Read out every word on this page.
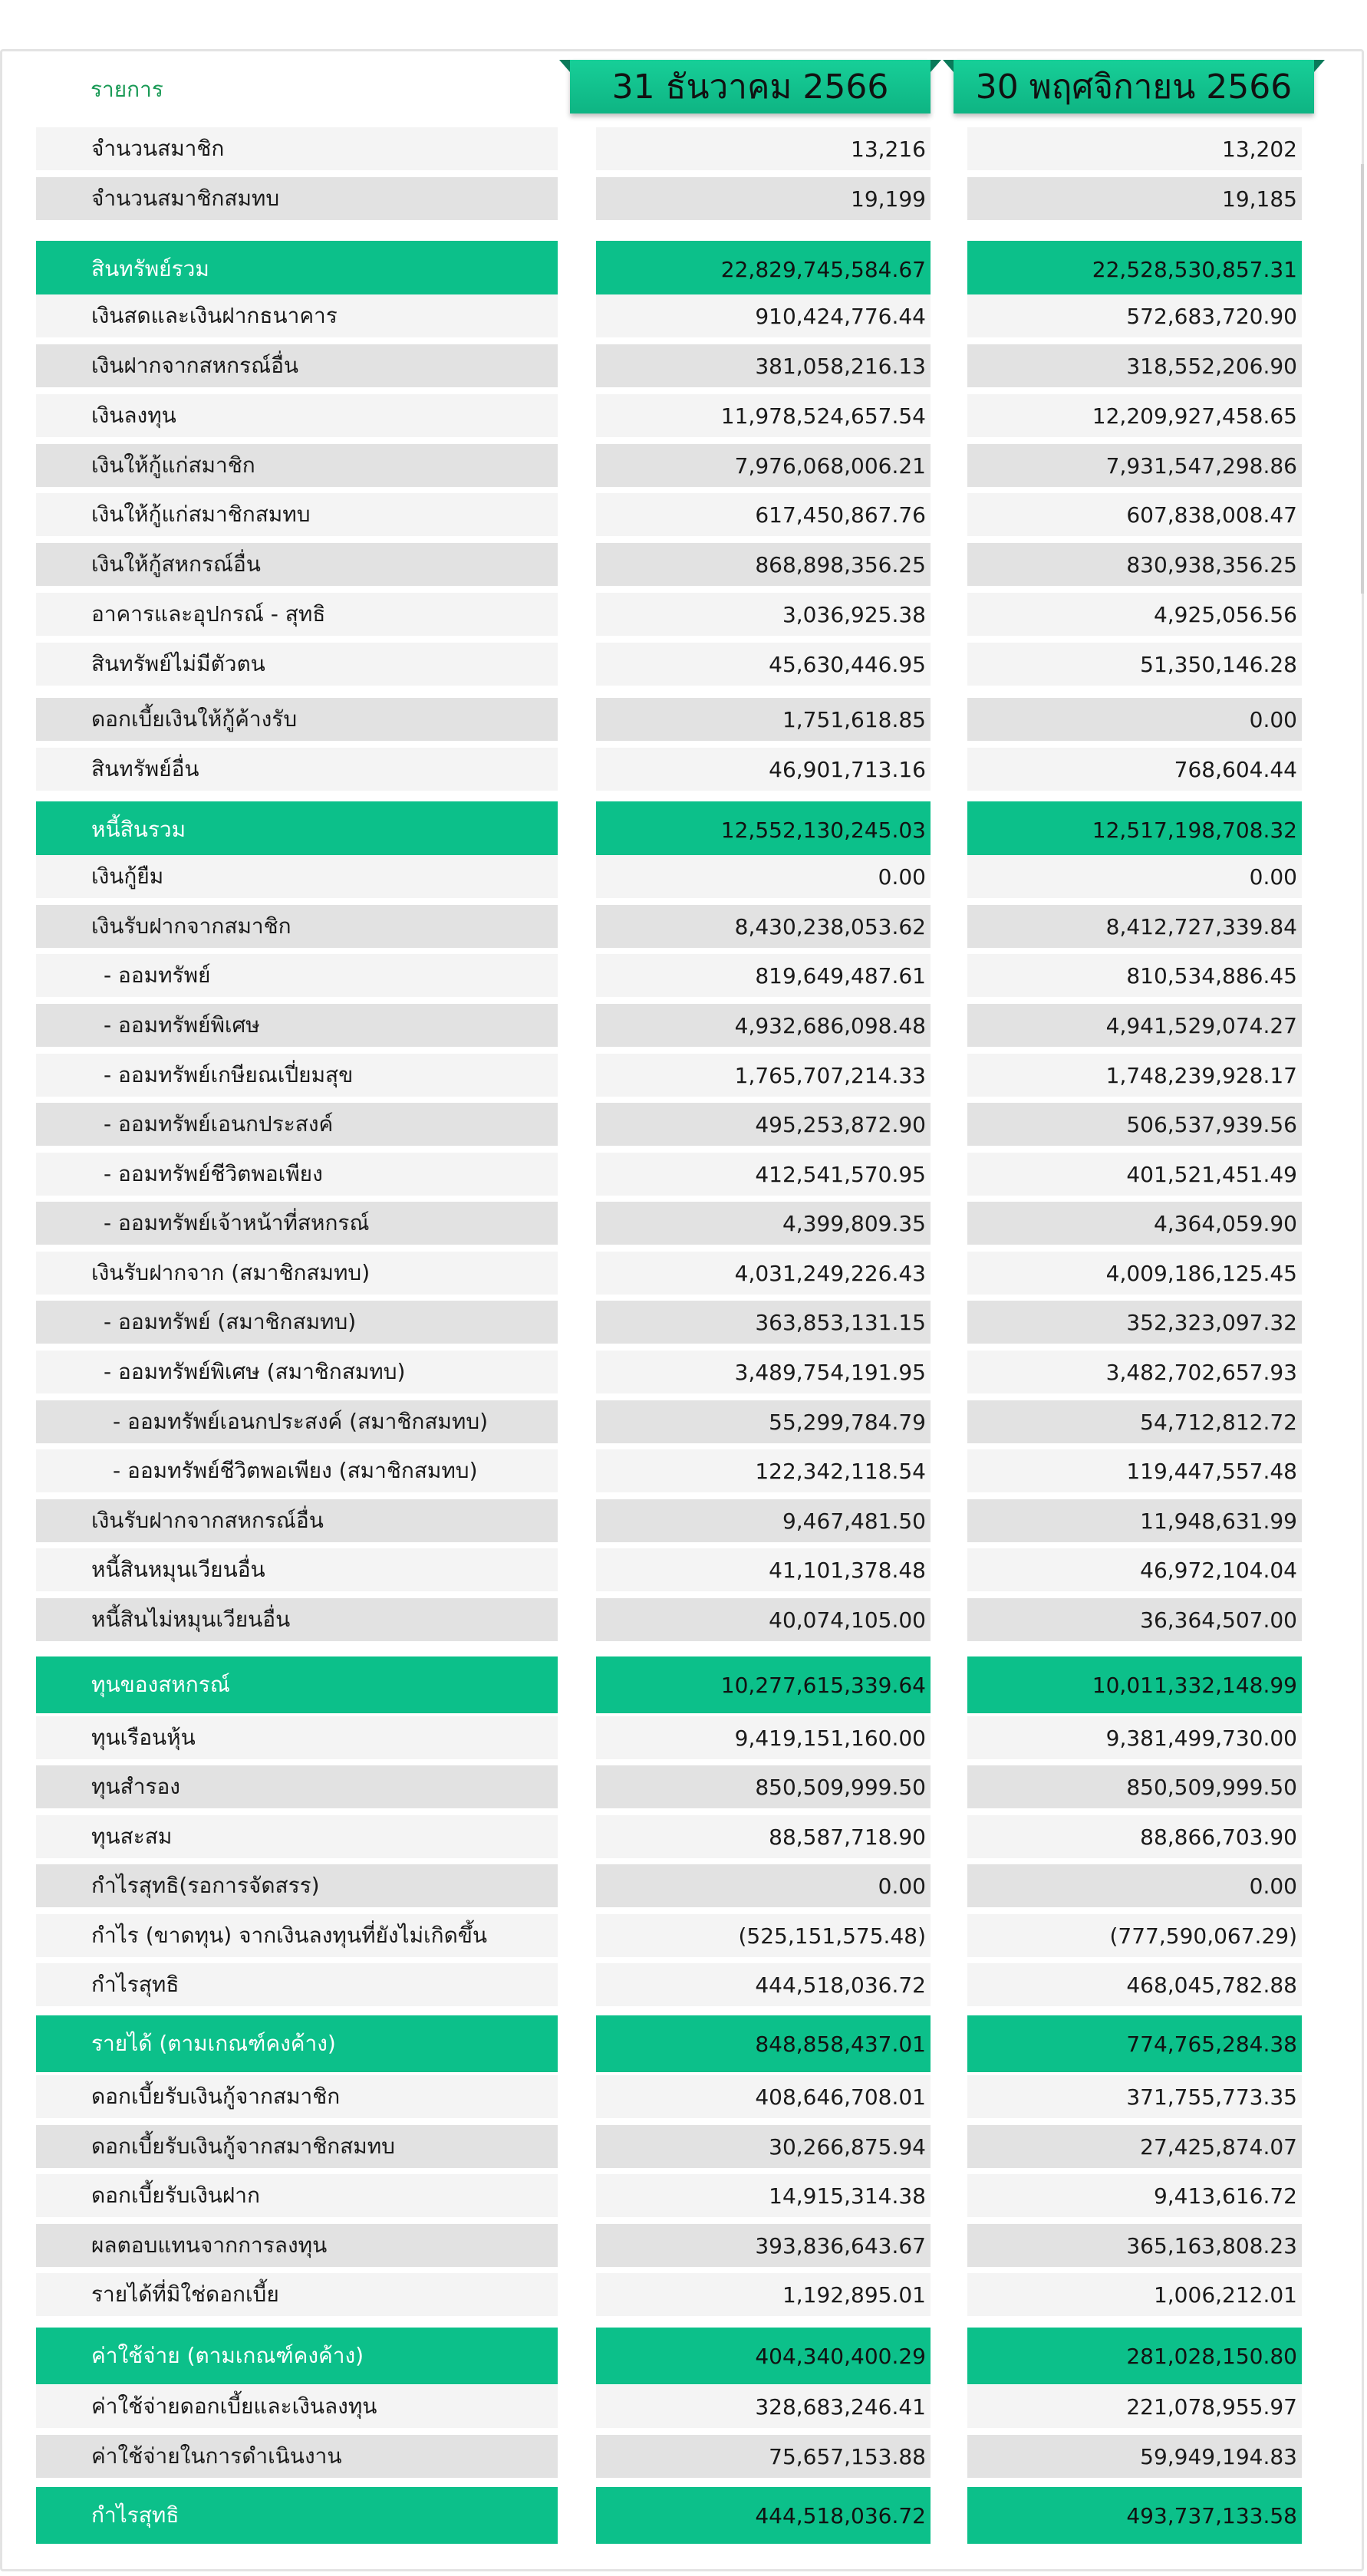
รายการ	31 ธันวาคม 2566	30 พฤศจิกายน 2566
จำนวนสมาชิก	13,216	13,202
จำนวนสมาชิกสมทบ	19,199	19,185
สินทรัพย์รวม	22,829,745,584.67	22,528,530,857.31
เงินสดและเงินฝากธนาคาร	910,424,776.44	572,683,720.90
เงินฝากจากสหกรณ์อื่น	381,058,216.13	318,552,206.90
เงินลงทุน	11,978,524,657.54	12,209,927,458.65
เงินให้กู้แก่สมาชิก	7,976,068,006.21	7,931,547,298.86
เงินให้กู้แก่สมาชิกสมทบ	617,450,867.76	607,838,008.47
เงินให้กู้สหกรณ์อื่น	868,898,356.25	830,938,356.25
อาคารและอุปกรณ์ - สุทธิ	3,036,925.38	4,925,056.56
สินทรัพย์ไม่มีตัวตน	45,630,446.95	51,350,146.28
ดอกเบี้ยเงินให้กู้ค้างรับ	1,751,618.85	0.00
สินทรัพย์อื่น	46,901,713.16	768,604.44
หนี้สินรวม	12,552,130,245.03	12,517,198,708.32
เงินกู้ยืม	0.00	0.00
เงินรับฝากจากสมาชิก	8,430,238,053.62	8,412,727,339.84
- ออมทรัพย์	819,649,487.61	810,534,886.45
- ออมทรัพย์พิเศษ	4,932,686,098.48	4,941,529,074.27
- ออมทรัพย์เกษียณเปี่ยมสุข	1,765,707,214.33	1,748,239,928.17
- ออมทรัพย์เอนกประสงค์	495,253,872.90	506,537,939.56
- ออมทรัพย์ชีวิตพอเพียง	412,541,570.95	401,521,451.49
- ออมทรัพย์เจ้าหน้าที่สหกรณ์	4,399,809.35	4,364,059.90
เงินรับฝากจาก (สมาชิกสมทบ)	4,031,249,226.43	4,009,186,125.45
- ออมทรัพย์ (สมาชิกสมทบ)	363,853,131.15	352,323,097.32
- ออมทรัพย์พิเศษ (สมาชิกสมทบ)	3,489,754,191.95	3,482,702,657.93
- ออมทรัพย์เอนกประสงค์ (สมาชิกสมทบ)	55,299,784.79	54,712,812.72
- ออมทรัพย์ชีวิตพอเพียง (สมาชิกสมทบ)	122,342,118.54	119,447,557.48
เงินรับฝากจากสหกรณ์อื่น	9,467,481.50	11,948,631.99
หนี้สินหมุนเวียนอื่น	41,101,378.48	46,972,104.04
หนี้สินไม่หมุนเวียนอื่น	40,074,105.00	36,364,507.00
ทุนของสหกรณ์	10,277,615,339.64	10,011,332,148.99
ทุนเรือนหุ้น	9,419,151,160.00	9,381,499,730.00
ทุนสำรอง	850,509,999.50	850,509,999.50
ทุนสะสม	88,587,718.90	88,866,703.90
กำไรสุทธิ(รอการจัดสรร)	0.00	0.00
กำไร (ขาดทุน) จากเงินลงทุนที่ยังไม่เกิดขึ้น	(525,151,575.48)	(777,590,067.29)
กำไรสุทธิ	444,518,036.72	468,045,782.88
รายได้ (ตามเกณฑ์คงค้าง)	848,858,437.01	774,765,284.38
ดอกเบี้ยรับเงินกู้จากสมาชิก	408,646,708.01	371,755,773.35
ดอกเบี้ยรับเงินกู้จากสมาชิกสมทบ	30,266,875.94	27,425,874.07
ดอกเบี้ยรับเงินฝาก	14,915,314.38	9,413,616.72
ผลตอบแทนจากการลงทุน	393,836,643.67	365,163,808.23
รายได้ที่มิใช่ดอกเบี้ย	1,192,895.01	1,006,212.01
ค่าใช้จ่าย (ตามเกณฑ์คงค้าง)	404,340,400.29	281,028,150.80
ค่าใช้จ่ายดอกเบี้ยและเงินลงทุน	328,683,246.41	221,078,955.97
ค่าใช้จ่ายในการดำเนินงาน	75,657,153.88	59,949,194.83
กำไรสุทธิ	444,518,036.72	493,737,133.58
